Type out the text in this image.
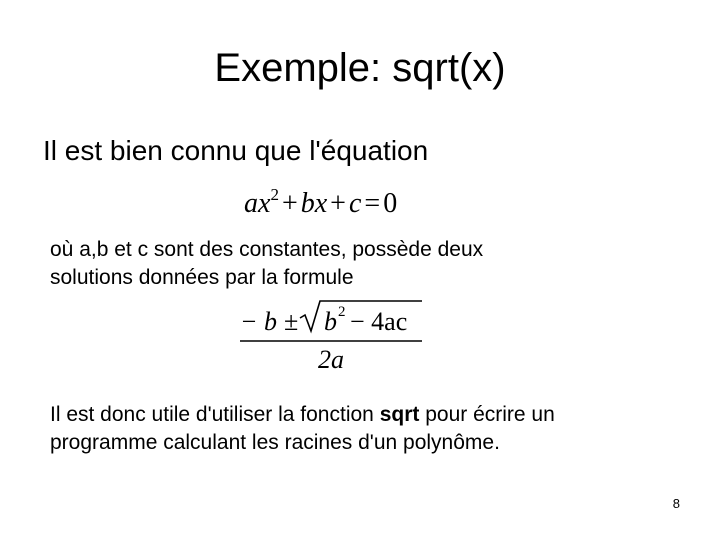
Exemple: sqrt(x)
Il est bien connu que l'équation
$ax^2$ + bx + c = 0
où a,b et c sont des constantes, possède deux
solutions données par la formule
− b ± b 2 − 4ac
2a
Il est donc utile d'utiliser la fonction sqrt pour écrire un
programme calculant les racines d'un polynôme.
8
